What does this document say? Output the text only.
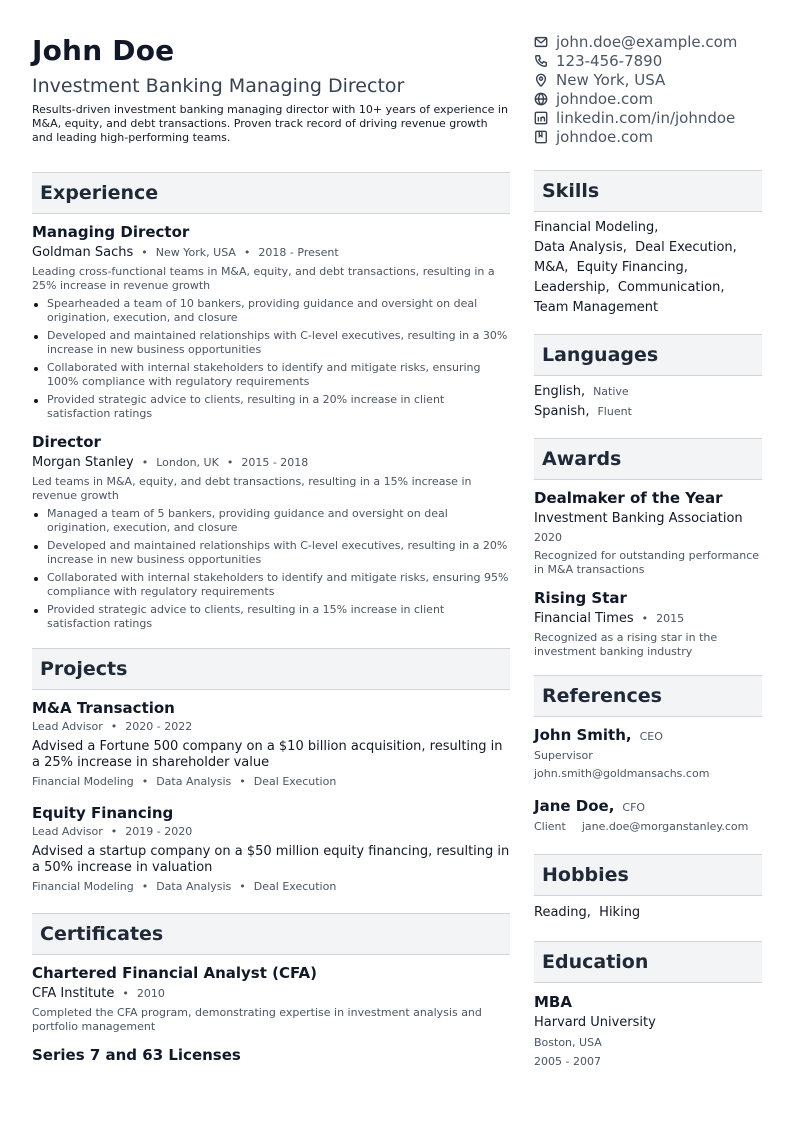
John Doe
Investment Banking Managing Director
Results-driven investment banking managing director with 10+ years of experience in M&A, equity, and debt transactions. Proven track record of driving revenue growth and leading high-performing teams.
Experience
Managing Director
Goldman Sachs • New York, USA • 2018 - Present
Leading cross-functional teams in M&A, equity, and debt transactions, resulting in a 25% increase in revenue growth
Spearheaded a team of 10 bankers, providing guidance and oversight on deal origination, execution, and closure
Developed and maintained relationships with C-level executives, resulting in a 30% increase in new business opportunities
Collaborated with internal stakeholders to identify and mitigate risks, ensuring 100% compliance with regulatory requirements
Provided strategic advice to clients, resulting in a 20% increase in client satisfaction ratings
Director
Morgan Stanley • London, UK • 2015 - 2018
Led teams in M&A, equity, and debt transactions, resulting in a 15% increase in revenue growth
Managed a team of 5 bankers, providing guidance and oversight on deal origination, execution, and closure
Developed and maintained relationships with C-level executives, resulting in a 20% increase in new business opportunities
Collaborated with internal stakeholders to identify and mitigate risks, ensuring 95% compliance with regulatory requirements
Provided strategic advice to clients, resulting in a 15% increase in client satisfaction ratings
Projects
M&A Transaction
Lead Advisor • 2020 - 2022
Advised a Fortune 500 company on a $10 billion acquisition, resulting in a 25% increase in shareholder value
Financial Modeling • Data Analysis • Deal Execution
Equity Financing
Lead Advisor • 2019 - 2020
Advised a startup company on a $50 million equity financing, resulting in a 50% increase in valuation
Financial Modeling • Data Analysis • Deal Execution
Certificates
Chartered Financial Analyst (CFA)
CFA Institute • 2010
Completed the CFA program, demonstrating expertise in investment analysis and portfolio management
Series 7 and 63 Licenses
john.doe@example.com
123-456-7890
New York, USA
johndoe.com
linkedin.com/in/johndoe
johndoe.com
Skills
Financial Modeling,
Data Analysis, Deal Execution,
M&A, Equity Financing,
Leadership, Communication,
Team Management
Languages
English, Native
Spanish, Fluent
Awards
Dealmaker of the Year
Investment Banking Association
2020
Recognized for outstanding performance in M&A transactions
Rising Star
Financial Times • 2015
Recognized as a rising star in the investment banking industry
References
John Smith, CEO
Supervisor
john.smith@goldmansachs.com
Jane Doe, CFO
Client jane.doe@morganstanley.com
Hobbies
Reading,  Hiking
Education
MBA
Harvard University
Boston, USA
2005 - 2007
